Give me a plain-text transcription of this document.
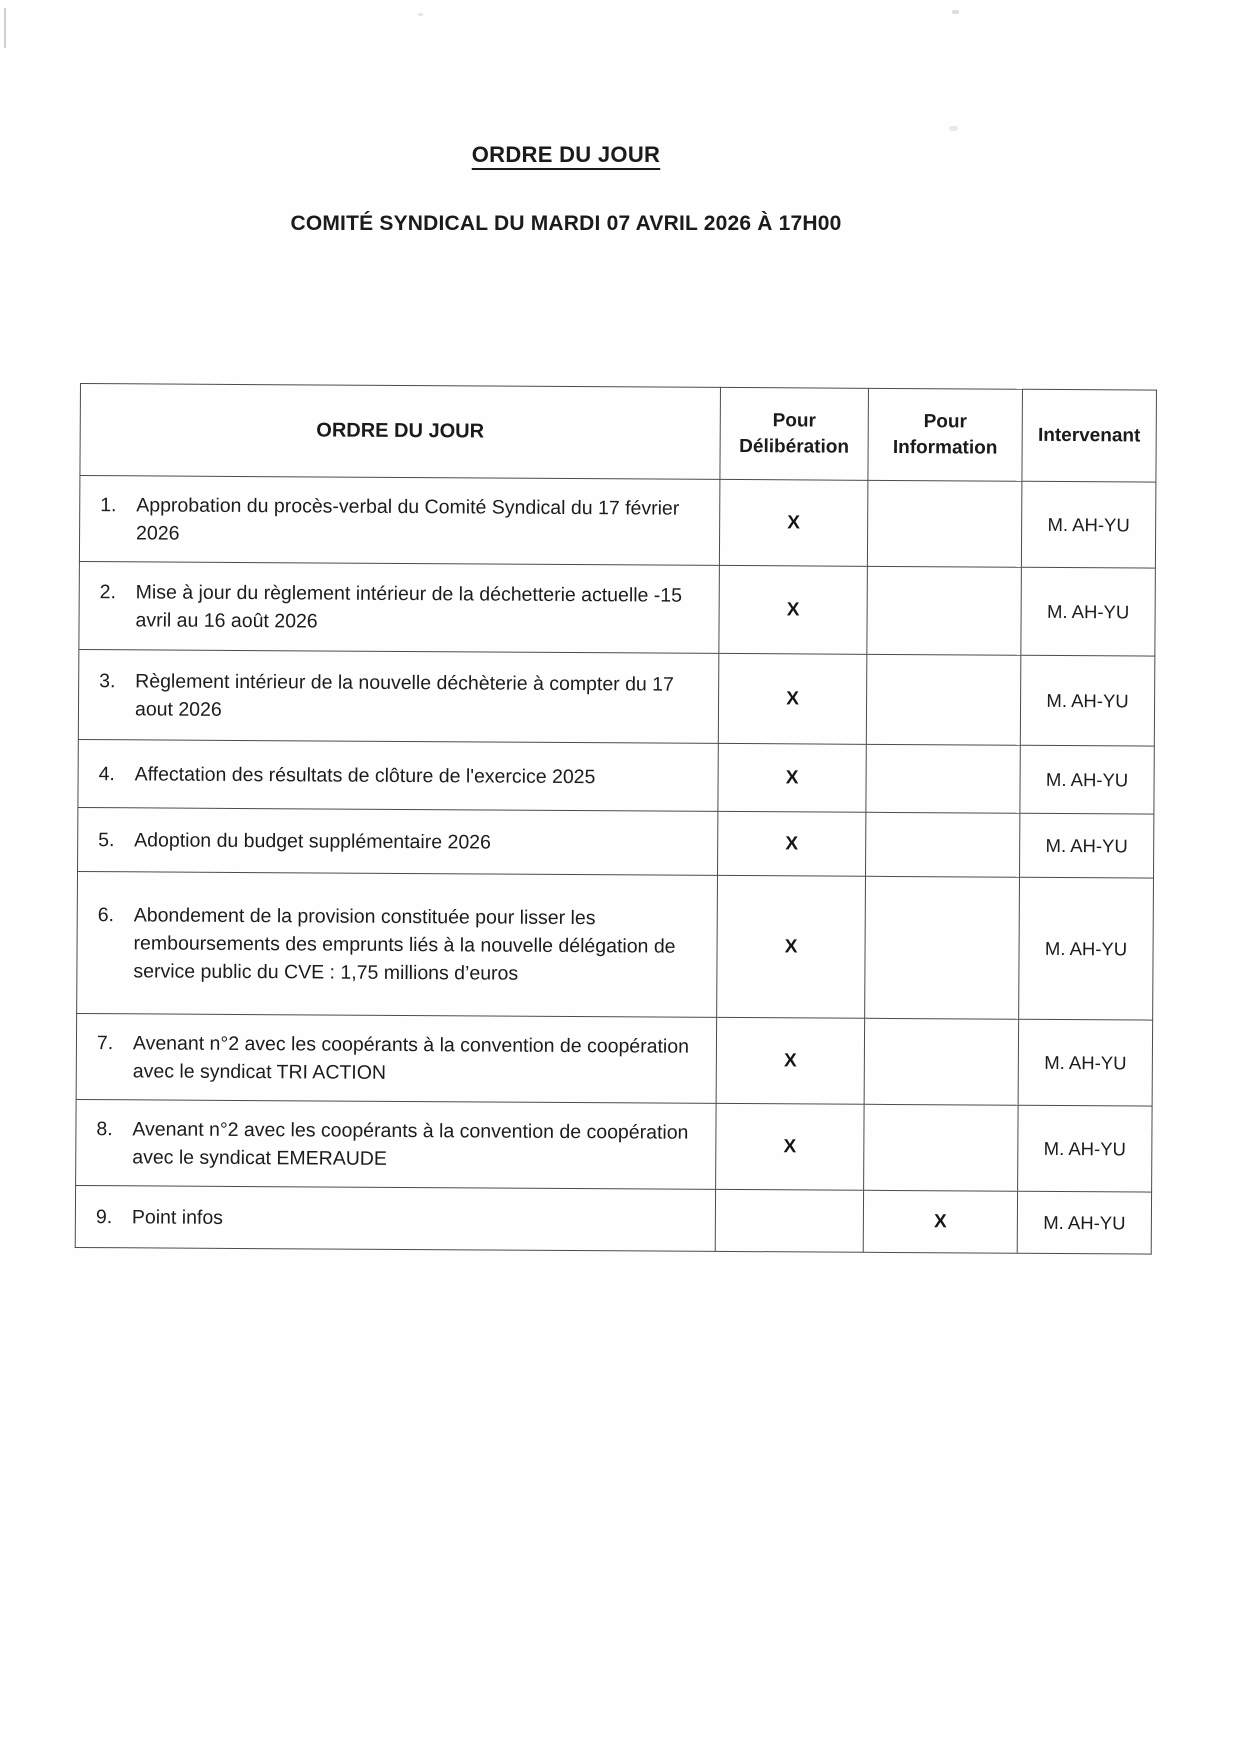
ORDRE DU JOUR
COMITÉ SYNDICAL DU MARDI 07 AVRIL 2026 À 17H00
ORDRE DU JOUR	Pour Délibération	Pour Information	Intervenant

1. Approbation du procès-verbal du Comité Syndical du 17 février 2026	X		M. AH-YU

2. Mise à jour du règlement intérieur de la déchetterie actuelle -15 avril au 16 août 2026	X		M. AH-YU

3. Règlement intérieur de la nouvelle déchèterie à compter du 17 aout 2026	X		M. AH-YU

4. Affectation des résultats de clôture de l'exercice 2025	X		M. AH-YU

5. Adoption du budget supplémentaire 2026	X		M. AH-YU

6. Abondement de la provision constituée pour lisser les remboursements des emprunts liés à la nouvelle délégation de service public du CVE : 1,75 millions d’euros	X		M. AH-YU

7. Avenant n°2 avec les coopérants à la convention de coopération avec le syndicat TRI ACTION	X		M. AH-YU

8. Avenant n°2 avec les coopérants à la convention de coopération avec le syndicat EMERAUDE	X		M. AH-YU

9. Point infos		X	M. AH-YU
